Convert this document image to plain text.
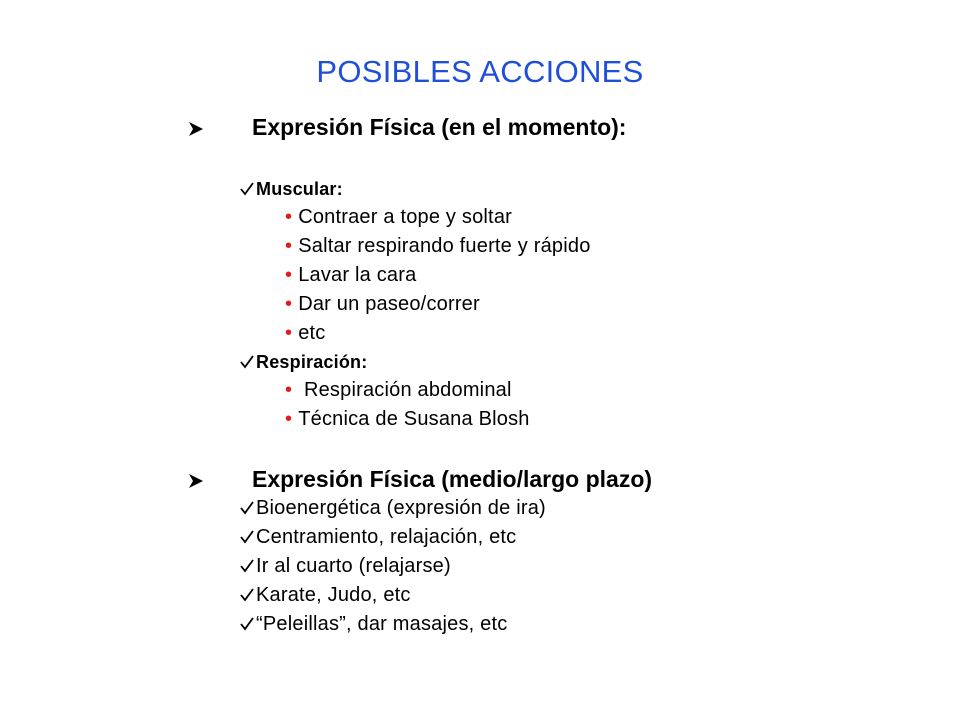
POSIBLES ACCIONES
Expresión Física (en el momento):
Muscular:
• Contraer a tope y soltar
• Saltar respirando fuerte y rápido
• Lavar la cara
• Dar un paseo/correr
• etc
Respiración:
• Respiración abdominal
• Técnica de Susana Blosh
Expresión Física (medio/largo plazo)
Bioenergética (expresión de ira)
Centramiento, relajación, etc
Ir al cuarto (relajarse)
Karate, Judo, etc
“Peleillas”, dar masajes, etc
